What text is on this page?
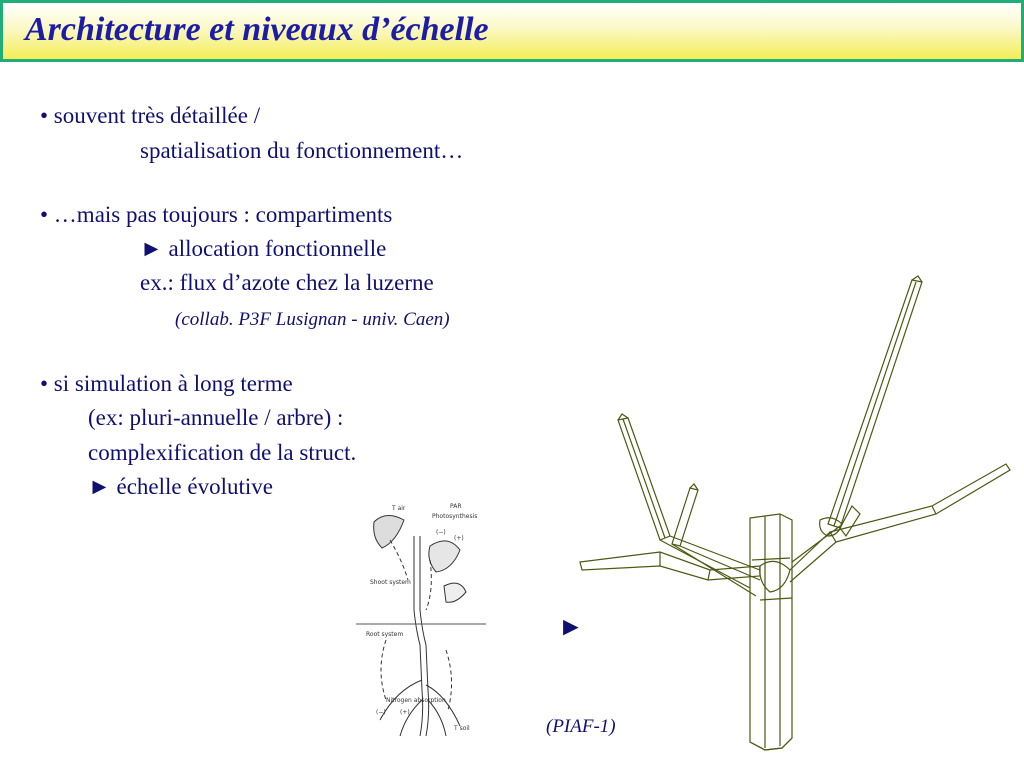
Architecture et niveaux d’échelle
• souvent très détaillée /
spatialisation du fonctionnement…
• …mais pas toujours : compartiments
► allocation fonctionnelle
ex.: flux d’azote chez la luzerne
(collab. P3F Lusignan - univ. Caen)
• si simulation à long terme
(ex: pluri-annuelle / arbre) :
complexification de la struct.
► échelle évolutive
►
(PIAF-1)
PAR
T air
Photosynthesis
(−)
(+)
Shoot system
Root system
Nitrogen absorption
(−) (+)
T soil
